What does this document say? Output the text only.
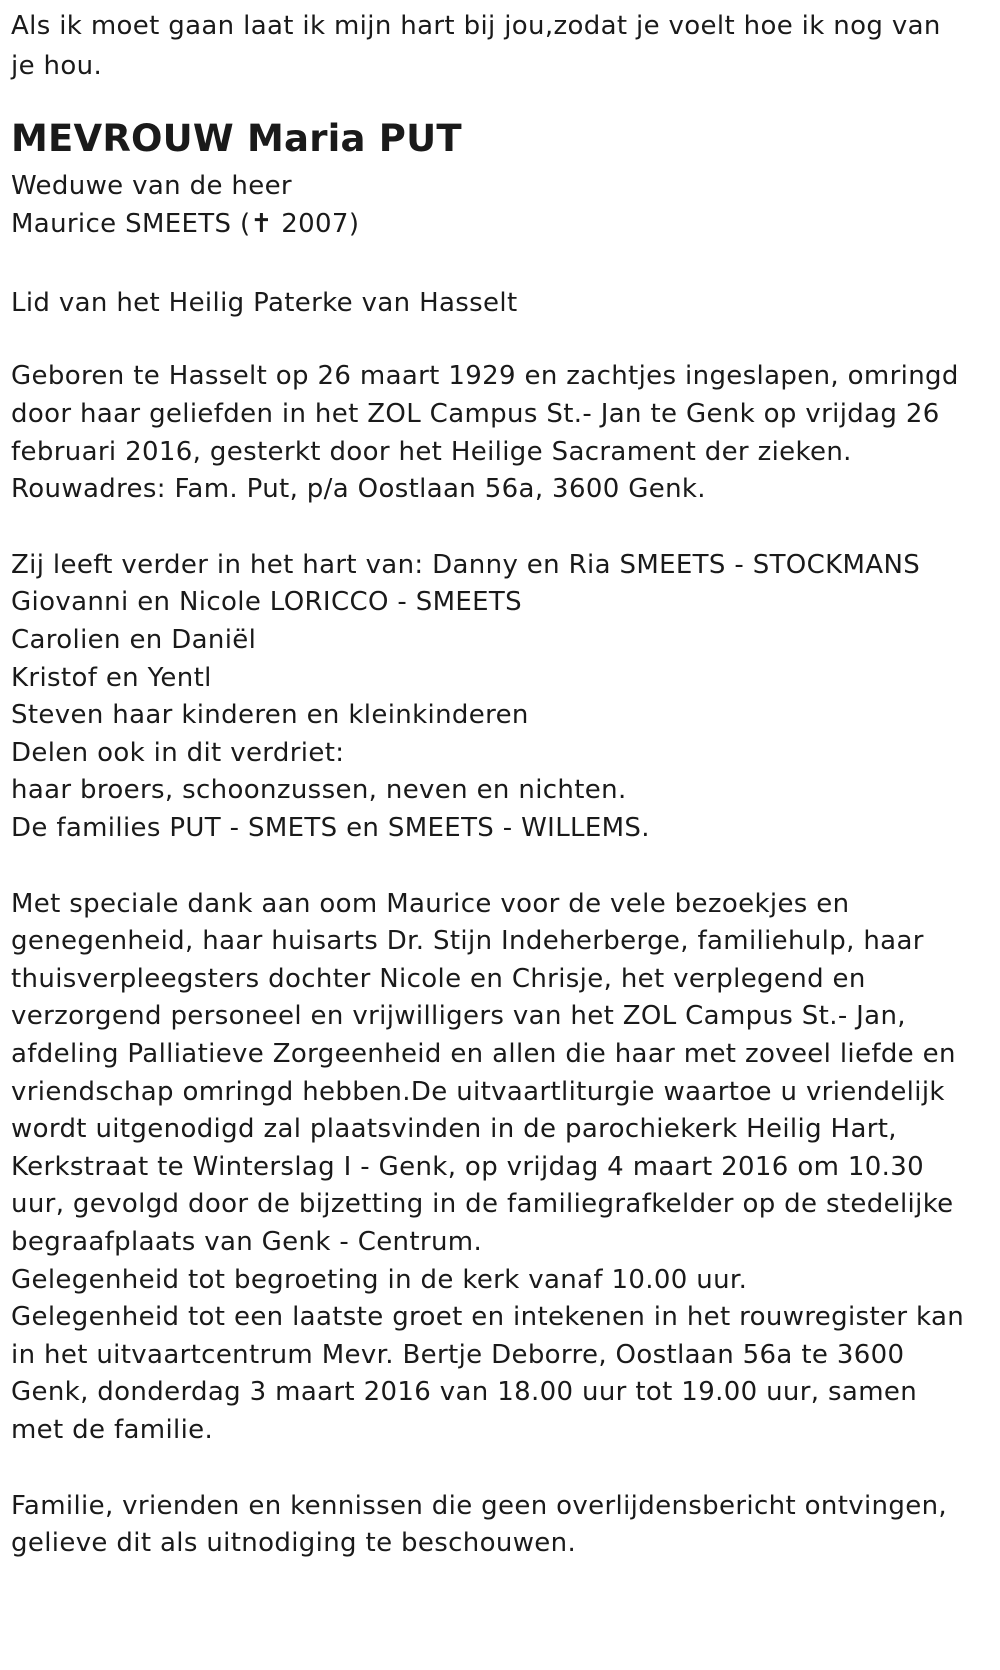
Als ik moet gaan laat ik mijn hart bij jou,zodat je voelt hoe ik nog van je hou.

MEVROUW Maria PUT
Weduwe van de heer
Maurice SMEETS (✝ 2007)

Lid van het Heilig Paterke van Hasselt

Geboren te Hasselt op 26 maart 1929 en zachtjes ingeslapen, omringd door haar geliefden in het ZOL Campus St.- Jan te Genk op vrijdag 26 februari 2016, gesterkt door het Heilige Sacrament der zieken.

Rouwadres: Fam. Put, p/a Oostlaan 56a, 3600 Genk.

Zij leeft verder in het hart van: Danny en Ria SMEETS - STOCKMANS
Giovanni en Nicole LORICCO - SMEETS
Carolien en Daniël
Kristof en Yentl
Steven haar kinderen en kleinkinderen
Delen ook in dit verdriet:
haar broers, schoonzussen, neven en nichten.
De families PUT - SMETS en SMEETS - WILLEMS.

Met speciale dank aan oom Maurice voor de vele bezoekjes en genegenheid, haar huisarts Dr. Stijn Indeherberge, familiehulp, haar thuisverpleegsters dochter Nicole en Chrisje, het verplegend en verzorgend personeel en vrijwilligers van het ZOL Campus St.- Jan, afdeling Palliatieve Zorgeenheid en allen die haar met zoveel liefde en vriendschap omringd hebben.De uitvaartliturgie waartoe u vriendelijk wordt uitgenodigd zal plaatsvinden in de parochiekerk Heilig Hart, Kerkstraat te Winterslag I - Genk, op vrijdag 4 maart 2016 om 10.30 uur, gevolgd door de bijzetting in de familiegrafkelder op de stedelijke begraafplaats van Genk - Centrum.

Gelegenheid tot begroeting in de kerk vanaf 10.00 uur.

Gelegenheid tot een laatste groet en intekenen in het rouwregister kan in het uitvaartcentrum Mevr. Bertje Deborre, Oostlaan 56a te 3600 Genk, donderdag 3 maart 2016 van 18.00 uur tot 19.00 uur, samen met de familie.

Familie, vrienden en kennissen die geen overlijdensbericht ontvingen, gelieve dit als uitnodiging te beschouwen.
